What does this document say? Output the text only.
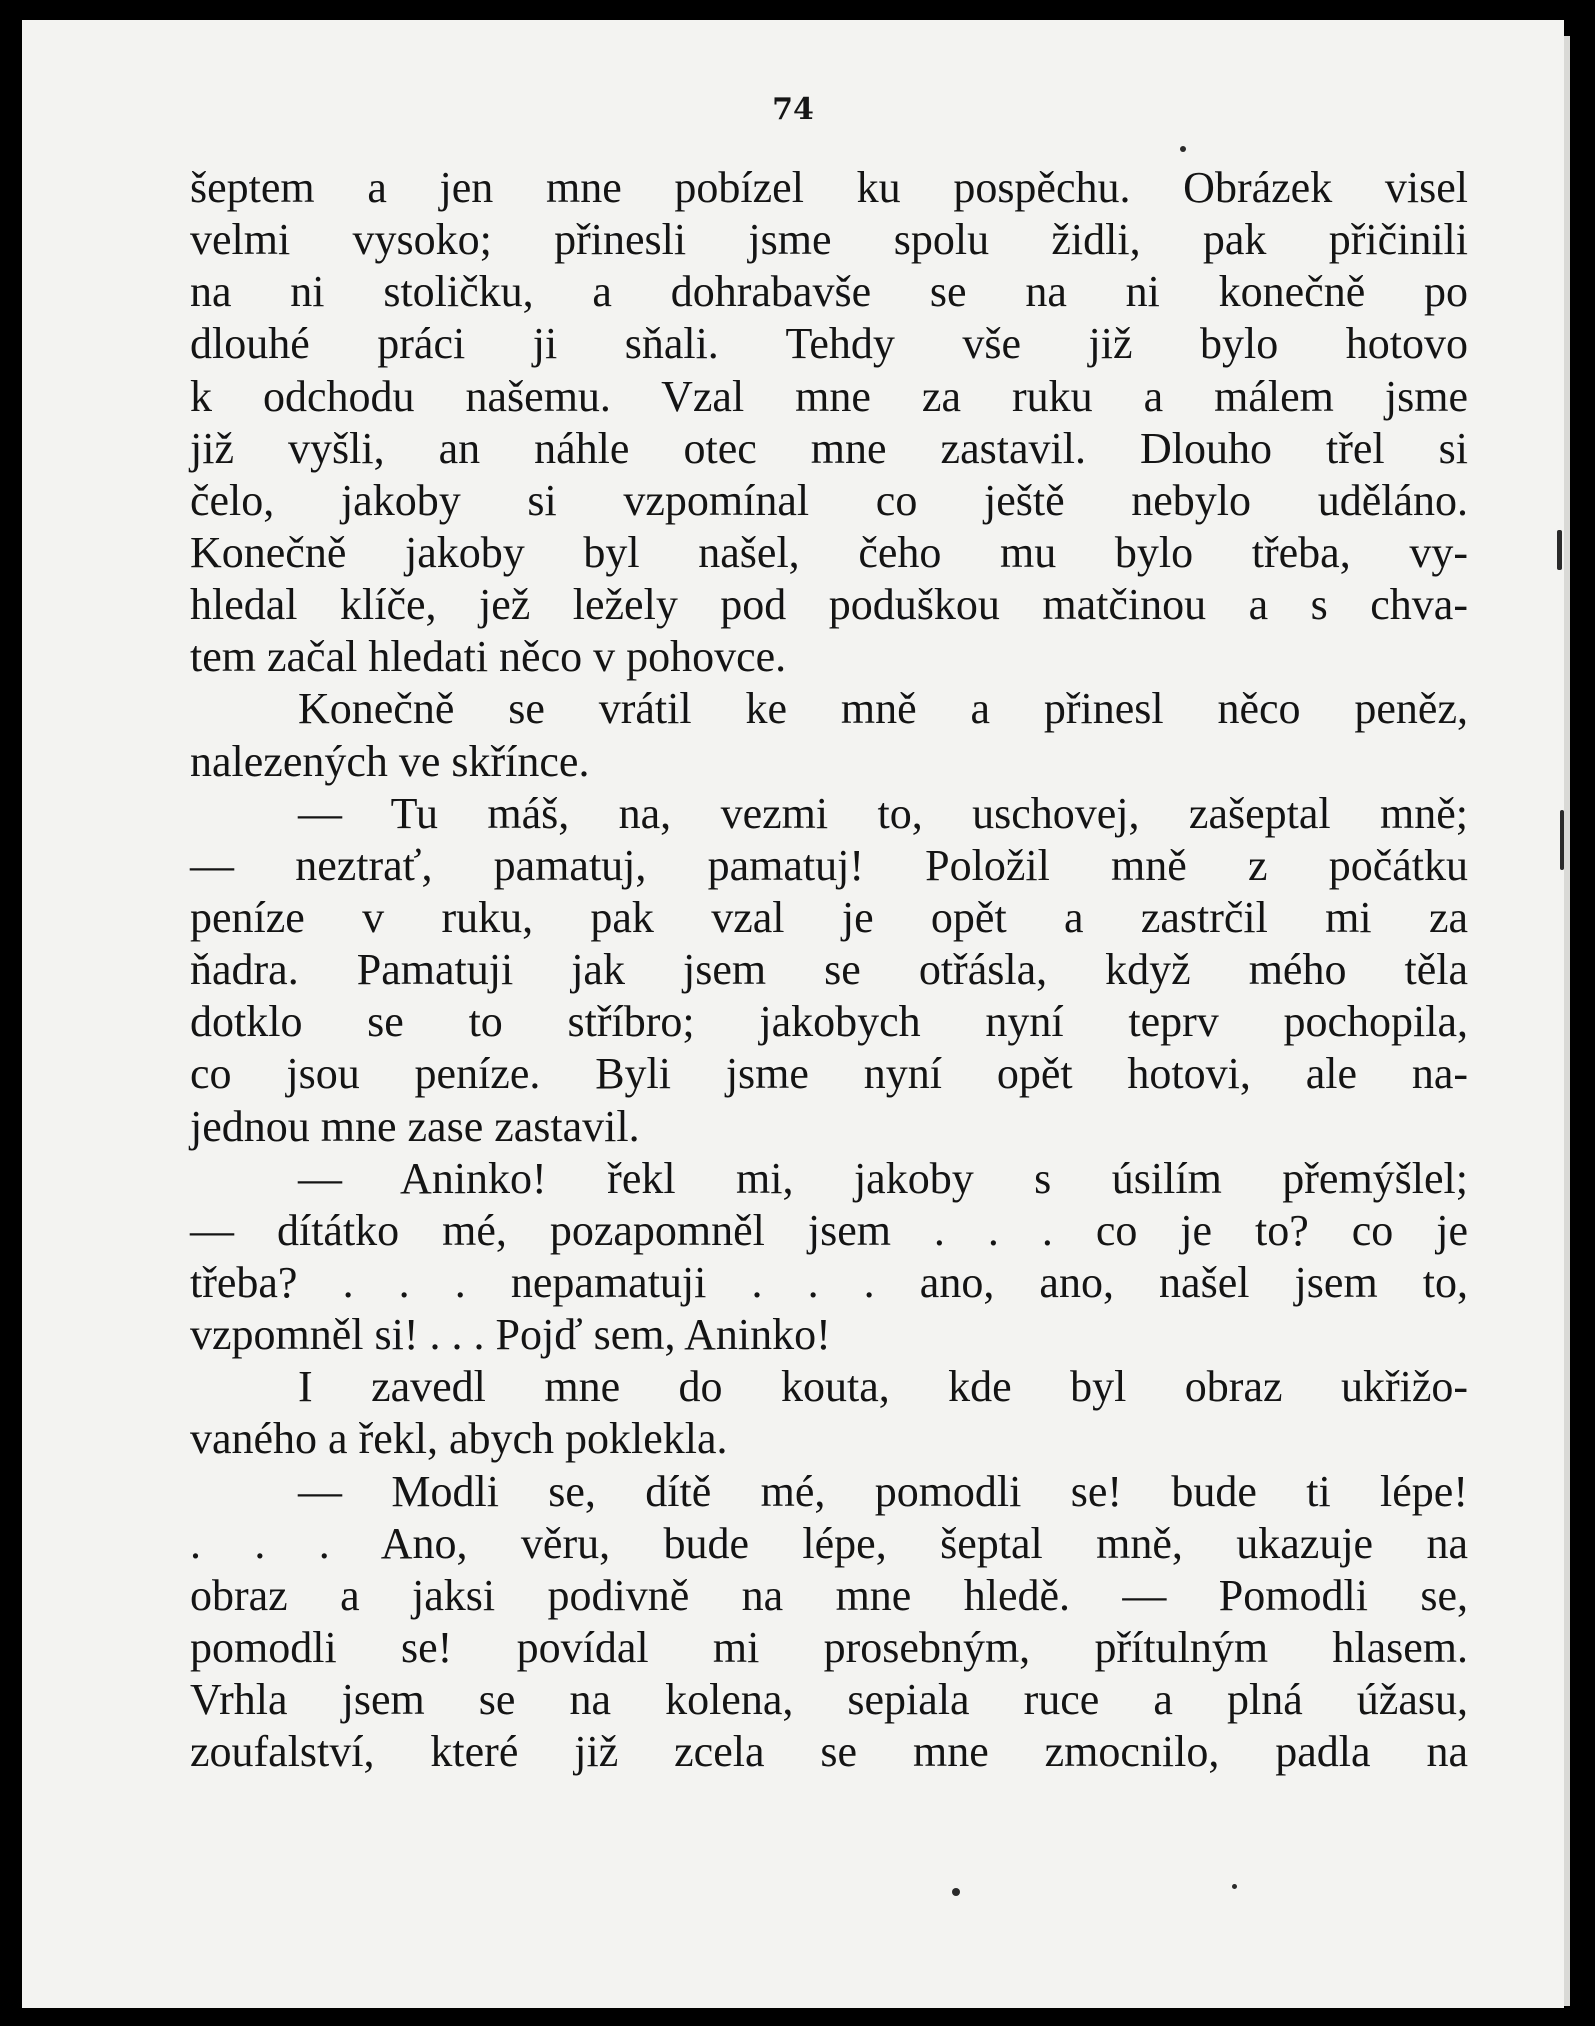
74
šeptem a jen mne pobízel ku pospěchu. Obrázek visel
velmi vysoko; přinesli jsme spolu židli, pak přičinili
na ni stoličku, a dohrabavše se na ni konečně po
dlouhé práci ji sňali. Tehdy vše již bylo hotovo
k odchodu našemu. Vzal mne za ruku a málem jsme
již vyšli, an náhle otec mne zastavil. Dlouho třel si
čelo, jakoby si vzpomínal co ještě nebylo uděláno.
Konečně jakoby byl našel, čeho mu bylo třeba, vy-
hledal klíče, jež ležely pod poduškou matčinou a s chva-
tem začal hledati něco v pohovce.
Konečně se vrátil ke mně a přinesl něco peněz,
nalezených ve skřínce.
— Tu máš, na, vezmi to, uschovej, zašeptal mně;
— neztrať, pamatuj, pamatuj! Položil mně z počátku
peníze v ruku, pak vzal je opět a zastrčil mi za
ňadra. Pamatuji jak jsem se otřásla, když mého těla
dotklo se to stříbro; jakobych nyní teprv pochopila,
co jsou peníze. Byli jsme nyní opět hotovi, ale na-
jednou mne zase zastavil.
— Aninko! řekl mi, jakoby s úsilím přemýšlel;
— dítátko mé, pozapomněl jsem . . . co je to? co je
třeba? . . . nepamatuji . . . ano, ano, našel jsem to,
vzpomněl si! . . . Pojď sem, Aninko!
I zavedl mne do kouta, kde byl obraz ukřižo-
vaného a řekl, abych poklekla.
— Modli se, dítě mé, pomodli se! bude ti lépe!
. . . Ano, věru, bude lépe, šeptal mně, ukazuje na
obraz a jaksi podivně na mne hledě. — Pomodli se,
pomodli se! povídal mi prosebným, přítulným hlasem.
Vrhla jsem se na kolena, sepiala ruce a plná úžasu,
zoufalství, které již zcela se mne zmocnilo, padla na
